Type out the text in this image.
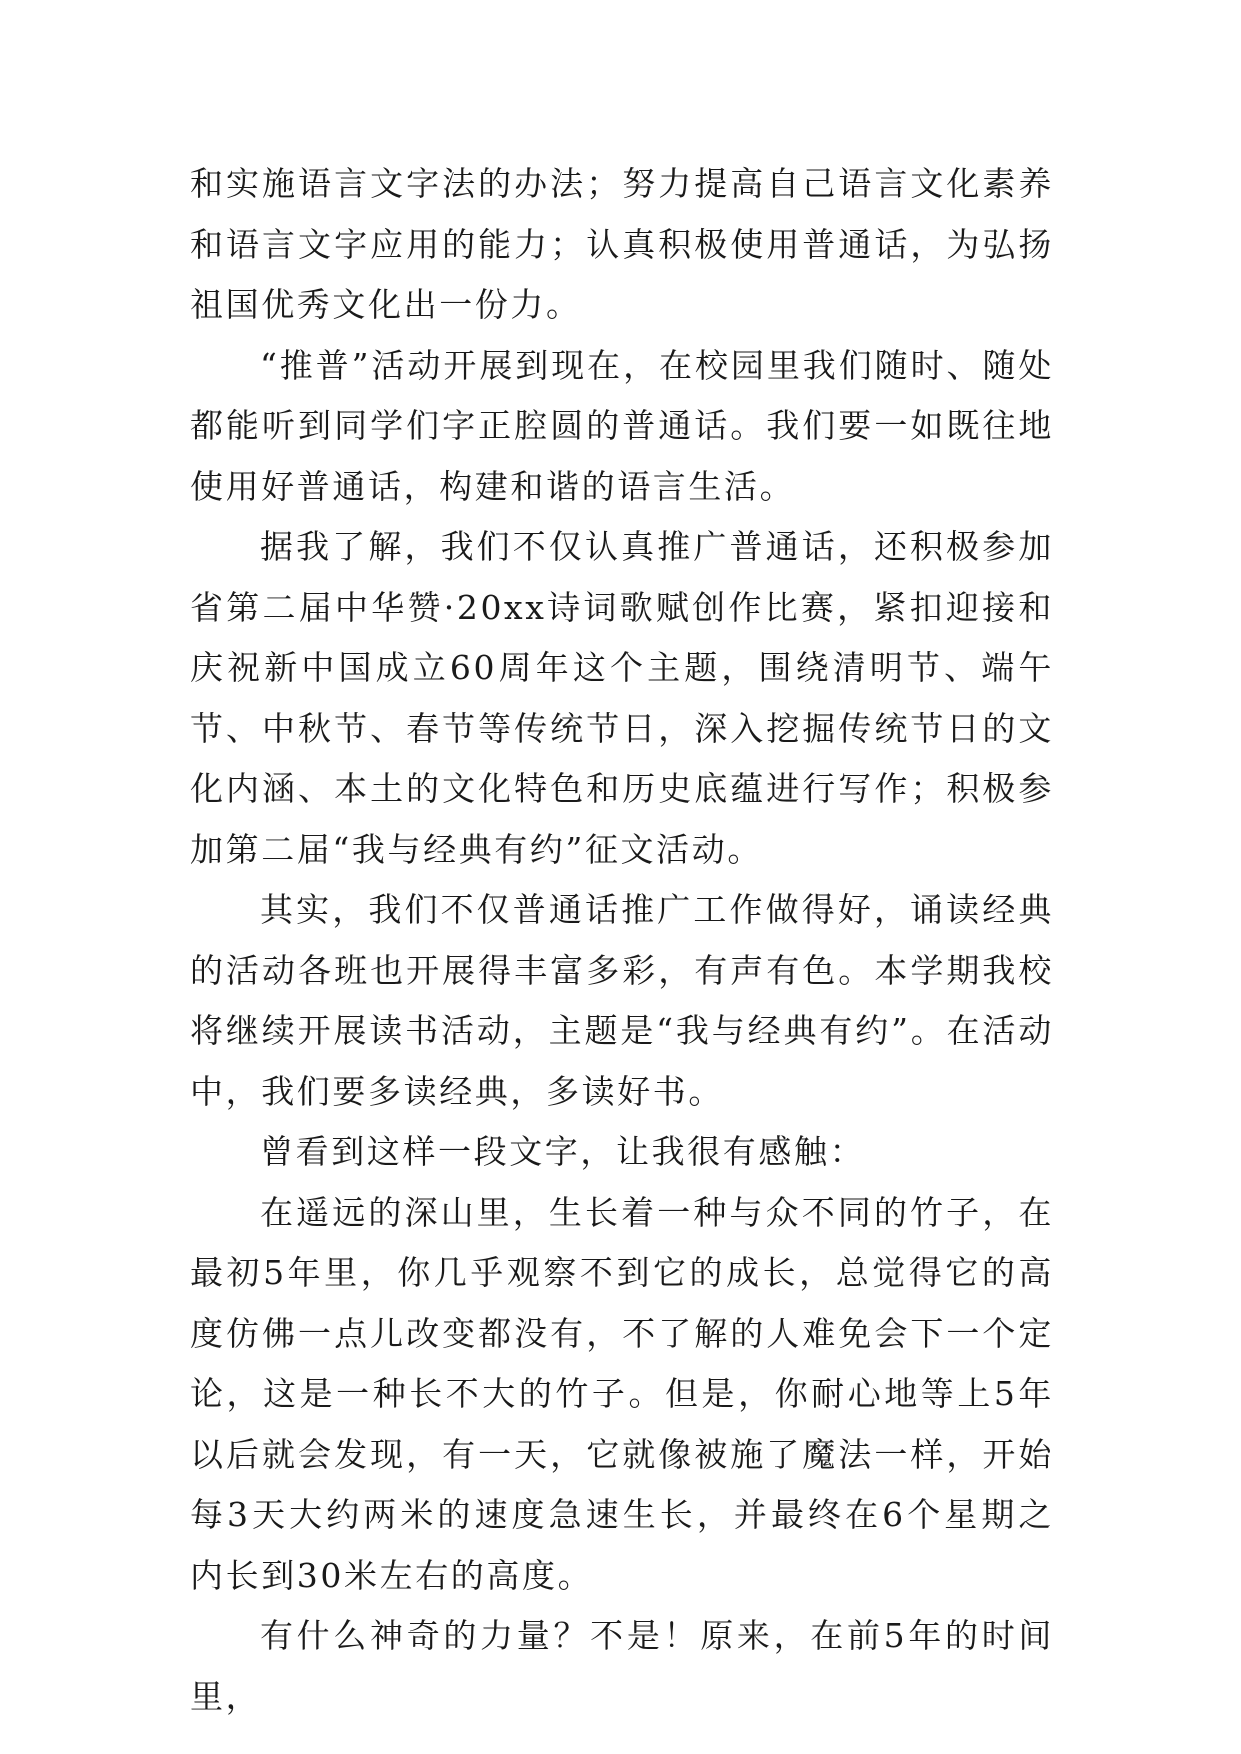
和实施语言文字法的办法；努力提高自己语言文化素养和语言文字应用的能力；认真积极使用普通话，为弘扬祖国优秀文化出一份力。

“推普”活动开展到现在，在校园里我们随时、随处都能听到同学们字正腔圆的普通话。我们要一如既往地使用好普通话，构建和谐的语言生活。

据我了解，我们不仅认真推广普通话，还积极参加省第二届中华赞·20xx诗词歌赋创作比赛，紧扣迎接和庆祝新中国成立60周年这个主题，围绕清明节、端午节、中秋节、春节等传统节日，深入挖掘传统节日的文化内涵、本土的文化特色和历史底蕴进行写作；积极参加第二届“我与经典有约”征文活动。

其实，我们不仅普通话推广工作做得好，诵读经典的活动各班也开展得丰富多彩，有声有色。本学期我校将继续开展读书活动，主题是“我与经典有约”。在活动中，我们要多读经典，多读好书。

曾看到这样一段文字，让我很有感触：

在遥远的深山里，生长着一种与众不同的竹子，在最初5年里，你几乎观察不到它的成长，总觉得它的高度仿佛一点儿改变都没有，不了解的人难免会下一个定论，这是一种长不大的竹子。但是，你耐心地等上5年以后就会发现，有一天，它就像被施了魔法一样，开始每3天大约两米的速度急速生长，并最终在6个星期之内长到30米左右的高度。

有什么神奇的力量？不是！原来，在前5年的时间里，
